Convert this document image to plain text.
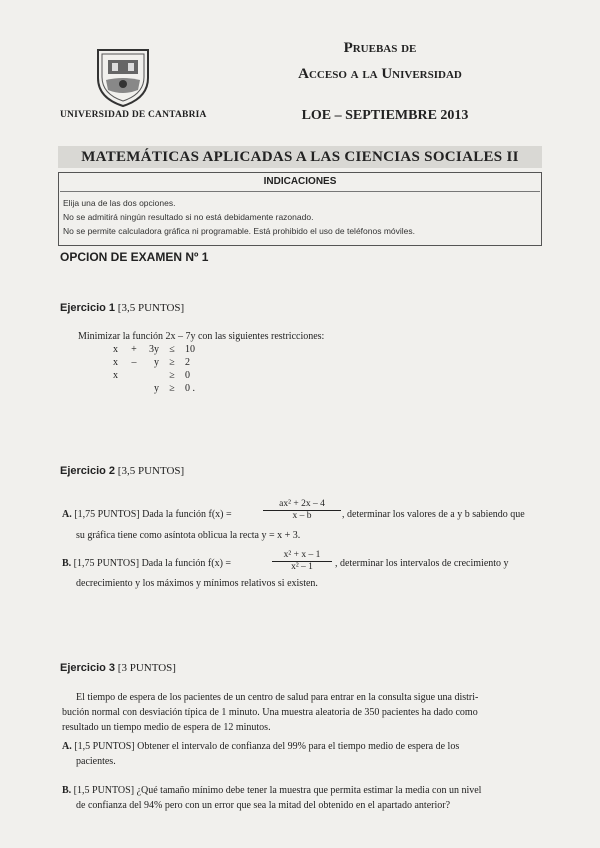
UNIVERSIDAD DE CANTABRIA
Pruebas de
Acceso a la Universidad
LOE – SEPTIEMBRE 2013
MATEMÁTICAS APLICADAS A LAS CIENCIAS SOCIALES II
INDICACIONES
Elija una de las dos opciones.
No se admitirá ningún resultado si no está debidamente razonado.
No se permite calculadora gráfica ni programable. Está prohibido el uso de teléfonos móviles.
OPCION DE EXAMEN Nº 1
Ejercicio 1 [3,5 PUNTOS]
Minimizar la función 2x – 7y con las siguientes restricciones:
x	+	3y	≤	10
x	–	y	≥	2
x			≥	0
		y	≥	0 .
Ejercicio 2 [3,5 PUNTOS]
A. [1,75 PUNTOS] Dada la función f(x) =
ax² + 2x – 4
x – b	, determinar los valores de a y b sabiendo que
su gráfica tiene como asíntota oblicua la recta y = x + 3.
B. [1,75 PUNTOS] Dada la función f(x) =
x² + x – 1
x² – 1	, determinar los intervalos de crecimiento y
decrecimiento y los máximos y mínimos relativos si existen.
Ejercicio 3 [3 PUNTOS]
El tiempo de espera de los pacientes de un centro de salud para entrar en la consulta sigue una distri-
bución normal con desviación típica de 1 minuto. Una muestra aleatoria de 350 pacientes ha dado como
resultado un tiempo medio de espera de 12 minutos.
A. [1,5 PUNTOS] Obtener el intervalo de confianza del 99% para el tiempo medio de espera de los
pacientes.
B. [1,5 PUNTOS] ¿Qué tamaño mínimo debe tener la muestra que permita estimar la media con un nivel
de confianza del 94% pero con un error que sea la mitad del obtenido en el apartado anterior?
